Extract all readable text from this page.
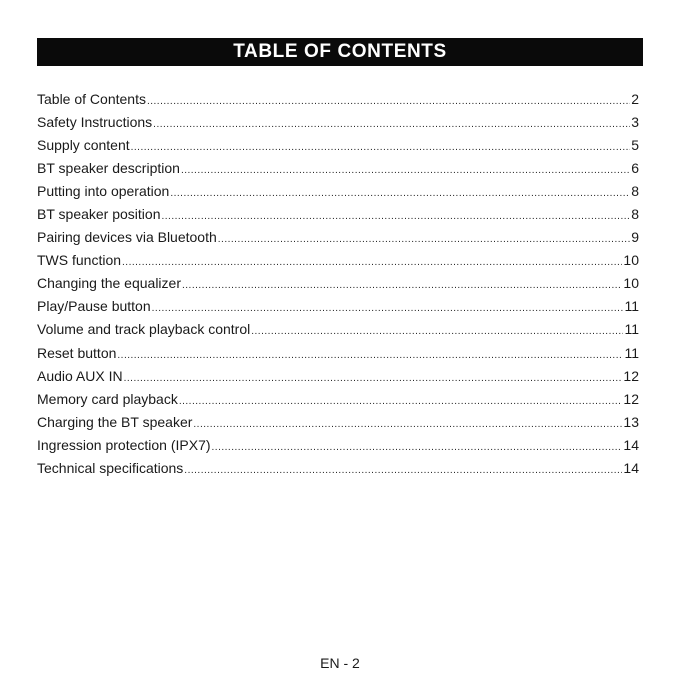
TABLE OF CONTENTS
Table of Contents .....	2
Safety Instructions .....	3
Supply content .....	5
BT speaker description .....	6
Putting into operation .....	8
BT speaker position .....	8
Pairing devices via Bluetooth .....	9
TWS function .....	10
Changing the equalizer .....	10
Play/Pause button .....	11
Volume and track playback control .....	11
Reset button .....	11
Audio AUX IN .....	12
Memory card playback .....	12
Charging the BT speaker .....	13
Ingression protection (IPX7) .....	14
Technical specifications .....	14
EN - 2
